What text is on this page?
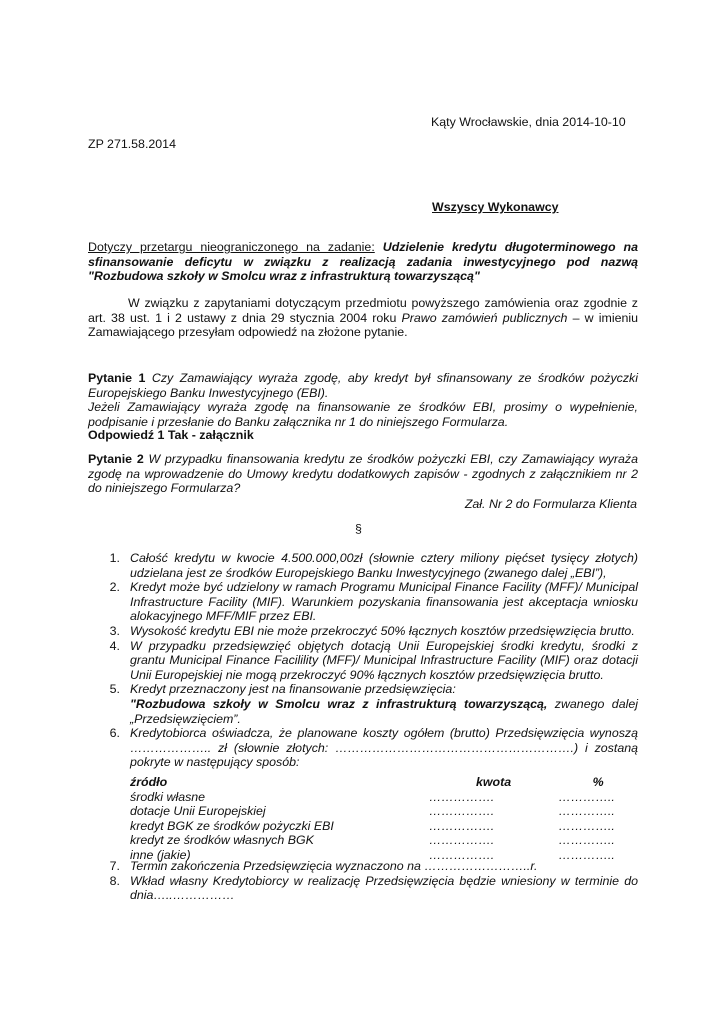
Kąty Wrocławskie, dnia 2014-10-10
ZP 271.58.2014
Wszyscy Wykonawcy
Dotyczy przetargu nieograniczonego na zadanie: Udzielenie kredytu długoterminowego na sfinansowanie deficytu w związku z realizacją zadania inwestycyjnego pod nazwą "Rozbudowa szkoły w Smolcu wraz z infrastrukturą towarzyszącą"
W związku z zapytaniami dotyczącym przedmiotu powyższego zamówienia oraz zgodnie z art. 38 ust. 1 i 2 ustawy z dnia 29 stycznia 2004 roku Prawo zamówień publicznych – w imieniu Zamawiającego przesyłam odpowiedź na złożone pytanie.
Pytanie 1 Czy Zamawiający wyraża zgodę, aby kredyt był sfinansowany ze środków pożyczki Europejskiego Banku Inwestycyjnego (EBI).
Jeżeli Zamawiający wyraża zgodę na finansowanie ze środków EBI, prosimy o wypełnienie, podpisanie i przesłanie do Banku załącznika nr 1 do niniejszego Formularza.
Odpowiedź 1 Tak - załącznik
Pytanie 2 W przypadku finansowania kredytu ze środków pożyczki EBI, czy Zamawiający wyraża zgodę na wprowadzenie do Umowy kredytu dodatkowych zapisów - zgodnych z załącznikiem nr 2 do niniejszego Formularza?
Zał. Nr 2 do Formularza Klienta
§
1. Całość kredytu w kwocie 4.500.000,00zł (słownie cztery miliony pięćset tysięcy złotych) udzielana jest ze środków Europejskiego Banku Inwestycyjnego (zwanego dalej „EBI”),
2. Kredyt może być udzielony w ramach Programu Municipal Finance Facility (MFF)/ Municipal Infrastructure Facility (MIF). Warunkiem pozyskania finansowania jest akceptacja wniosku alokacyjnego MFF/MIF przez EBI.
3. Wysokość kredytu EBI nie może przekroczyć 50% łącznych kosztów przedsięwzięcia brutto.
4. W przypadku przedsięwzięć objętych dotacją Unii Europejskiej środki kredytu, środki z grantu Municipal Finance Facilility (MFF)/ Municipal Infrastructure Facility (MIF) oraz dotacji Unii Europejskiej nie mogą przekroczyć 90% łącznych kosztów przedsięwzięcia brutto.
5. Kredyt przeznaczony jest na finansowanie przedsięwzięcia:
"Rozbudowa szkoły w Smolcu wraz z infrastrukturą towarzyszącą, zwanego dalej „Przedsięwzięciem”.
6. Kredytobiorca oświadcza, że planowane koszty ogółem (brutto) Przedsięwzięcia wynoszą ……………….. zł (słownie złotych: ………………………………………………….) i zostaną pokryte w następujący sposób:
źródło	kwota	%
środki własne	…………….	…………..
dotacje Unii Europejskiej	…………….	…………..
kredyt BGK ze środków pożyczki EBI	…………….	…………..
kredyt ze środków własnych BGK	…………….	…………..
inne (jakie)	…………….	…………..
7. Termin zakończenia Przedsięwzięcia wyznaczono na ……………………..r.
8. Wkład własny Kredytobiorcy w realizację Przedsięwzięcia będzie wniesiony w terminie do dnia…..……………
